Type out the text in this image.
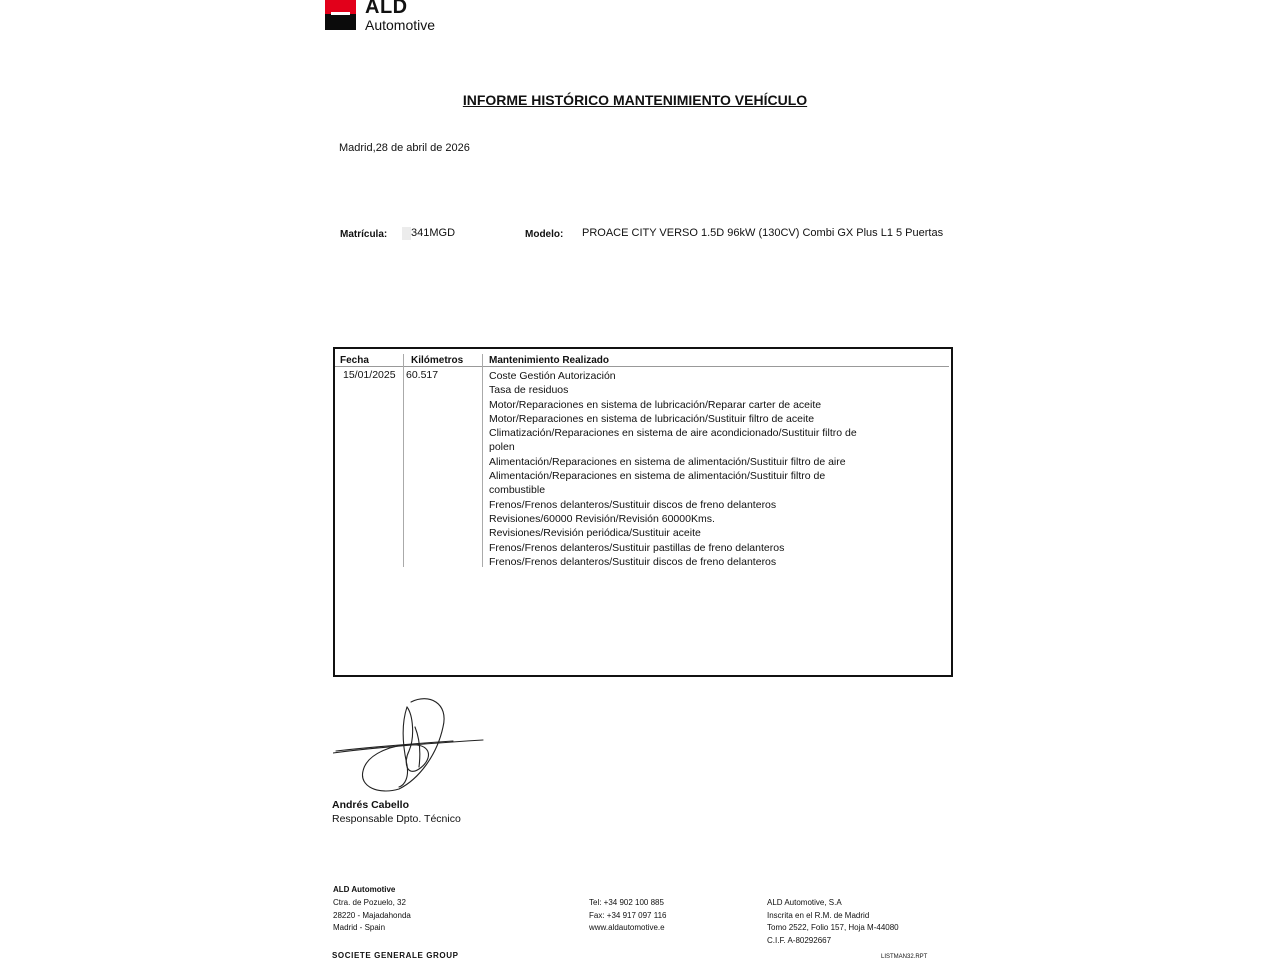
ALD
Automotive
INFORME HISTÓRICO MANTENIMIENTO VEHÍCULO
Madrid,28 de abril de 2026
Matrícula: 341MGD	Modelo: PROACE CITY VERSO 1.5D 96kW (130CV) Combi GX Plus L1 5 Puertas
Fecha	Kilómetros	Mantenimiento Realizado
15/01/2025 60.517	Coste Gestión Autorización
Tasa de residuos
Motor/Reparaciones en sistema de lubricación/Reparar carter de aceite
Motor/Reparaciones en sistema de lubricación/Sustituir filtro de aceite
Climatización/Reparaciones en sistema de aire acondicionado/Sustituir filtro de
polen
Alimentación/Reparaciones en sistema de alimentación/Sustituir filtro de aire
Alimentación/Reparaciones en sistema de alimentación/Sustituir filtro de
combustible
Frenos/Frenos delanteros/Sustituir discos de freno delanteros
Revisiones/60000 Revisión/Revisión 60000Kms.
Revisiones/Revisión periódica/Sustituir aceite
Frenos/Frenos delanteros/Sustituir pastillas de freno delanteros
Frenos/Frenos delanteros/Sustituir discos de freno delanteros
Andrés Cabello
Responsable Dpto. Técnico
ALD Automotive
Ctra. de Pozuelo, 32
28220 - Majadahonda
Madrid - Spain
Tel: +34 902 100 885
Fax: +34 917 097 116
www.aldautomotive.e
ALD Automotive, S.A
Inscrita en el R.M. de Madrid
Tomo 2522, Folio 157, Hoja M-44080
C.I.F. A-80292667
SOCIETE GENERALE GROUP	LISTMAN32.RPT
